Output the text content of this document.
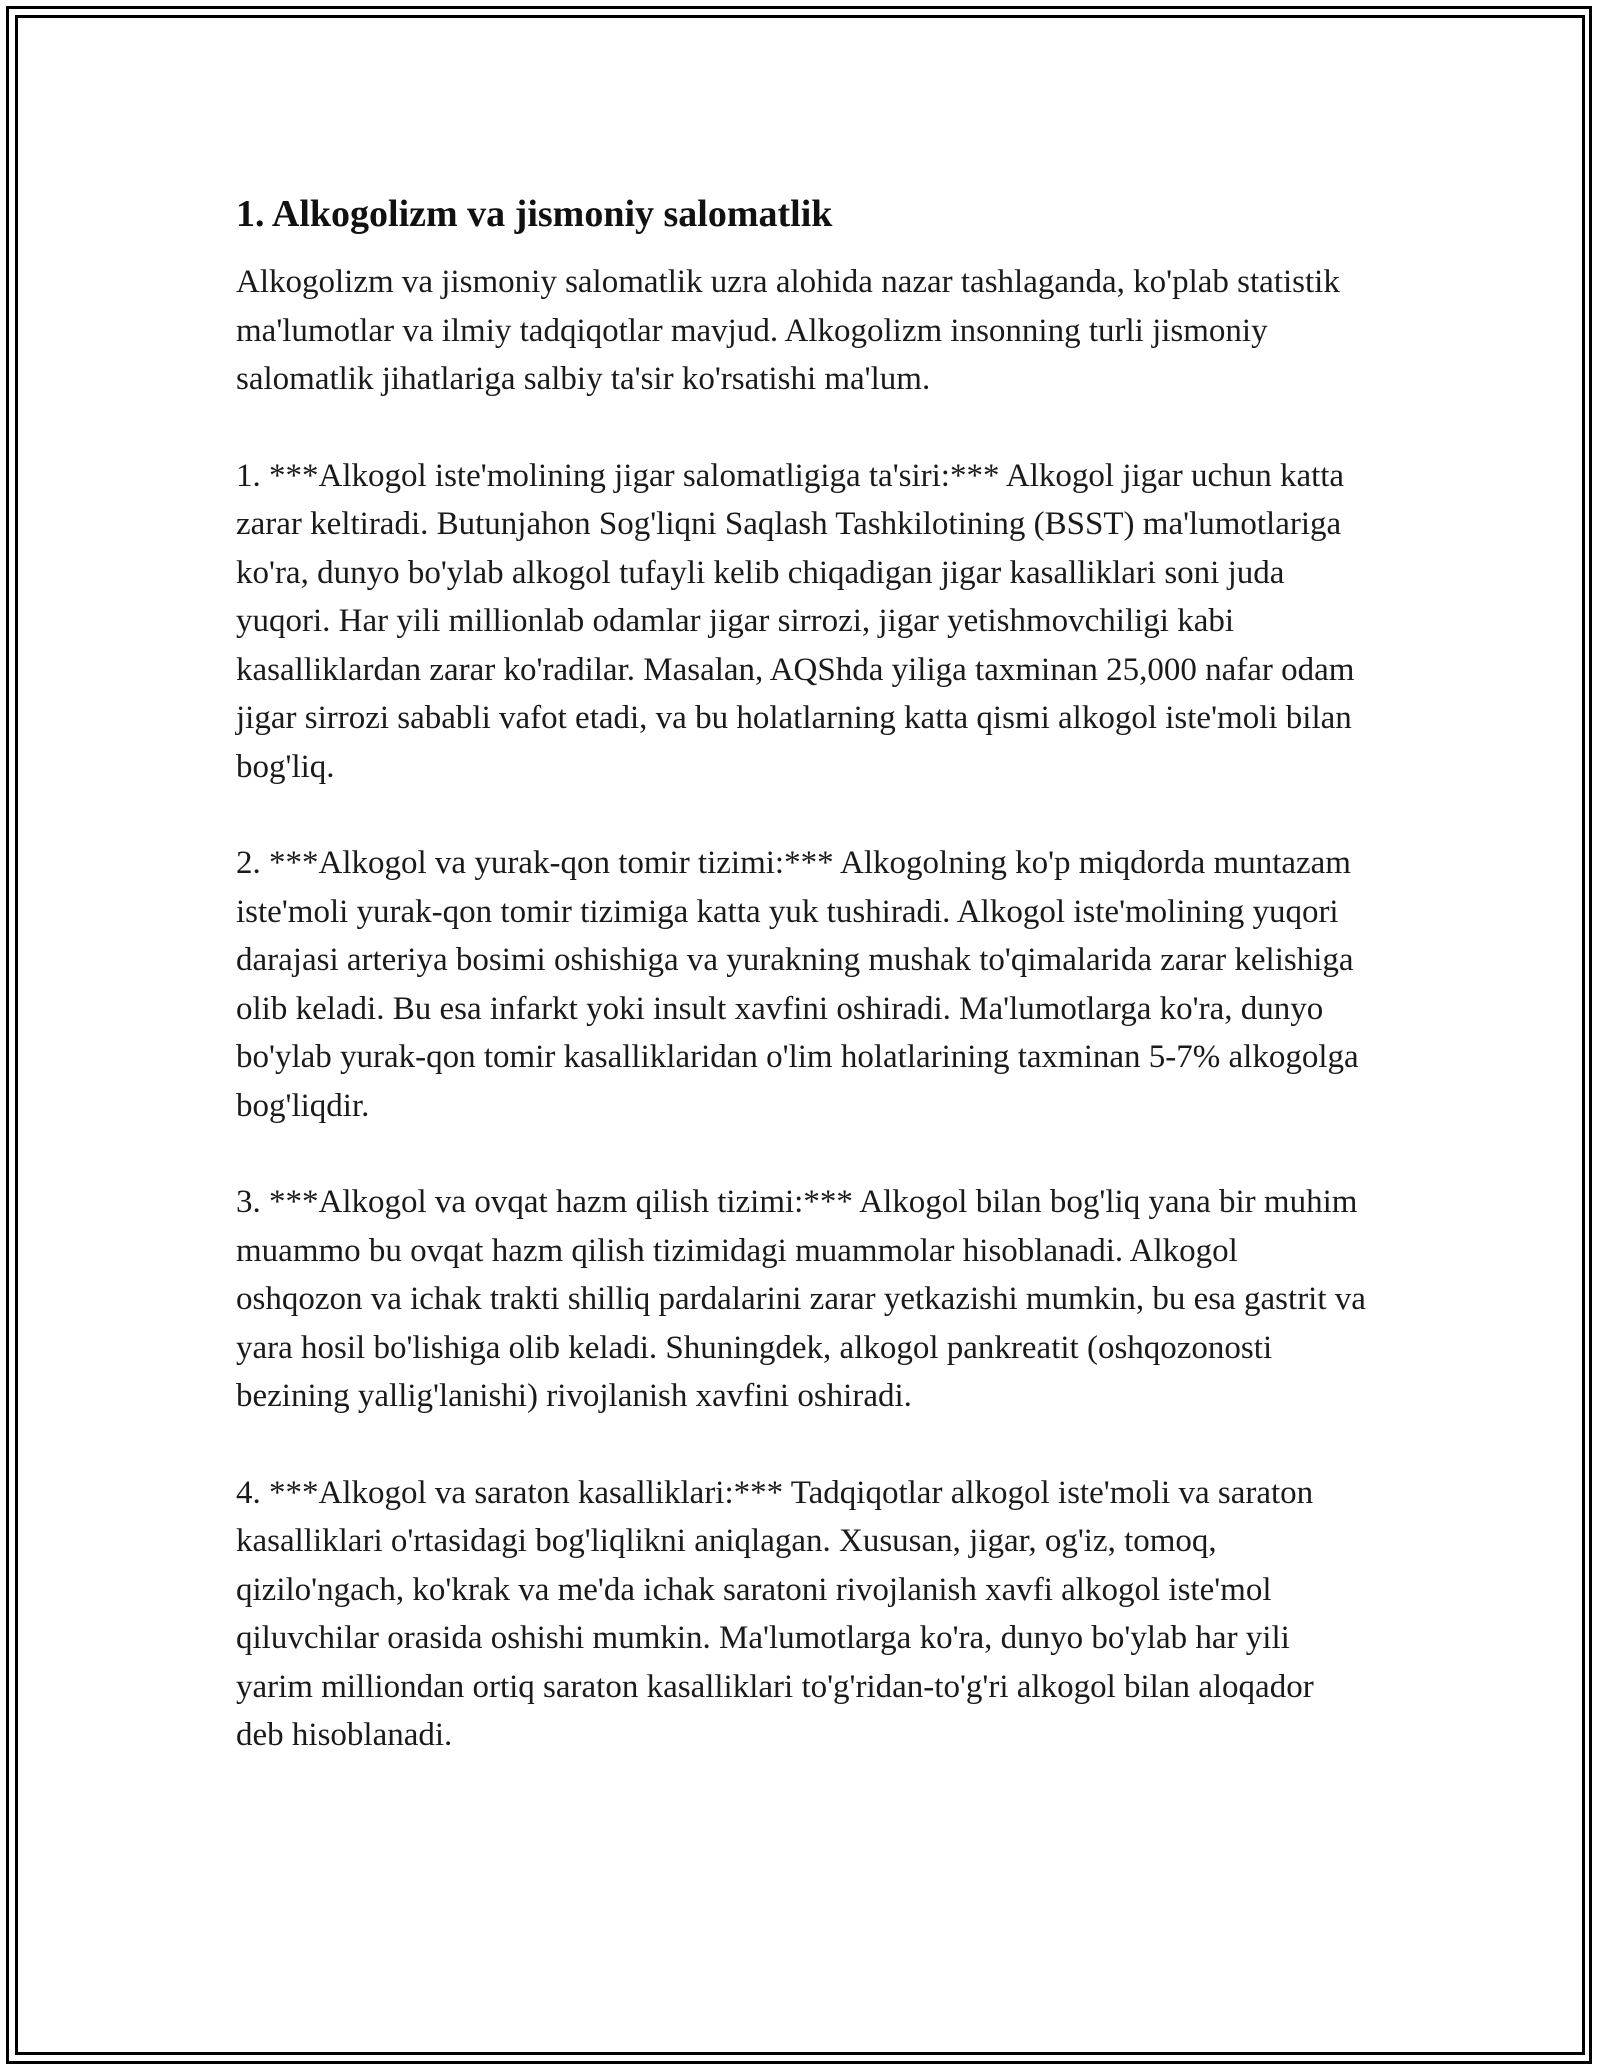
1. Alkogolizm va jismoniy salomatlik

Alkogolizm va jismoniy salomatlik uzra alohida nazar tashlaganda, ko'plab statistik ma'lumotlar va ilmiy tadqiqotlar mavjud. Alkogolizm insonning turli jismoniy salomatlik jihatlariga salbiy ta'sir ko'rsatishi ma'lum.

1. ***Alkogol iste'molining jigar salomatligiga ta'siri:*** Alkogol jigar uchun katta zarar keltiradi. Butunjahon Sog'liqni Saqlash Tashkilotining (BSST) ma'lumotlariga ko'ra, dunyo bo'ylab alkogol tufayli kelib chiqadigan jigar kasalliklari soni juda yuqori. Har yili millionlab odamlar jigar sirrozi, jigar yetishmovchiligi kabi kasalliklardan zarar ko'radilar. Masalan, AQShda yiliga taxminan 25,000 nafar odam jigar sirrozi sababli vafot etadi, va bu holatlarning katta qismi alkogol iste'moli bilan bog'liq.

2. ***Alkogol va yurak-qon tomir tizimi:*** Alkogolning ko'p miqdorda muntazam iste'moli yurak-qon tomir tizimiga katta yuk tushiradi. Alkogol iste'molining yuqori darajasi arteriya bosimi oshishiga va yurakning mushak to'qimalarida zarar kelishiga olib keladi. Bu esa infarkt yoki insult xavfini oshiradi. Ma'lumotlarga ko'ra, dunyo bo'ylab yurak-qon tomir kasalliklaridan o'lim holatlarining taxminan 5-7% alkogolga bog'liqdir.

3. ***Alkogol va ovqat hazm qilish tizimi:*** Alkogol bilan bog'liq yana bir muhim muammo bu ovqat hazm qilish tizimidagi muammolar hisoblanadi. Alkogol oshqozon va ichak trakti shilliq pardalarini zarar yetkazishi mumkin, bu esa gastrit va yara hosil bo'lishiga olib keladi. Shuningdek, alkogol pankreatit (oshqozonosti bezining yallig'lanishi) rivojlanish xavfini oshiradi.

4. ***Alkogol va saraton kasalliklari:*** Tadqiqotlar alkogol iste'moli va saraton kasalliklari o'rtasidagi bog'liqlikni aniqlagan. Xususan, jigar, og'iz, tomoq, qizilo'ngach, ko'krak va me'da ichak saratoni rivojlanish xavfi alkogol iste'mol qiluvchilar orasida oshishi mumkin. Ma'lumotlarga ko'ra, dunyo bo'ylab har yili yarim milliondan ortiq saraton kasalliklari to'g'ridan-to'g'ri alkogol bilan aloqador deb hisoblanadi.
